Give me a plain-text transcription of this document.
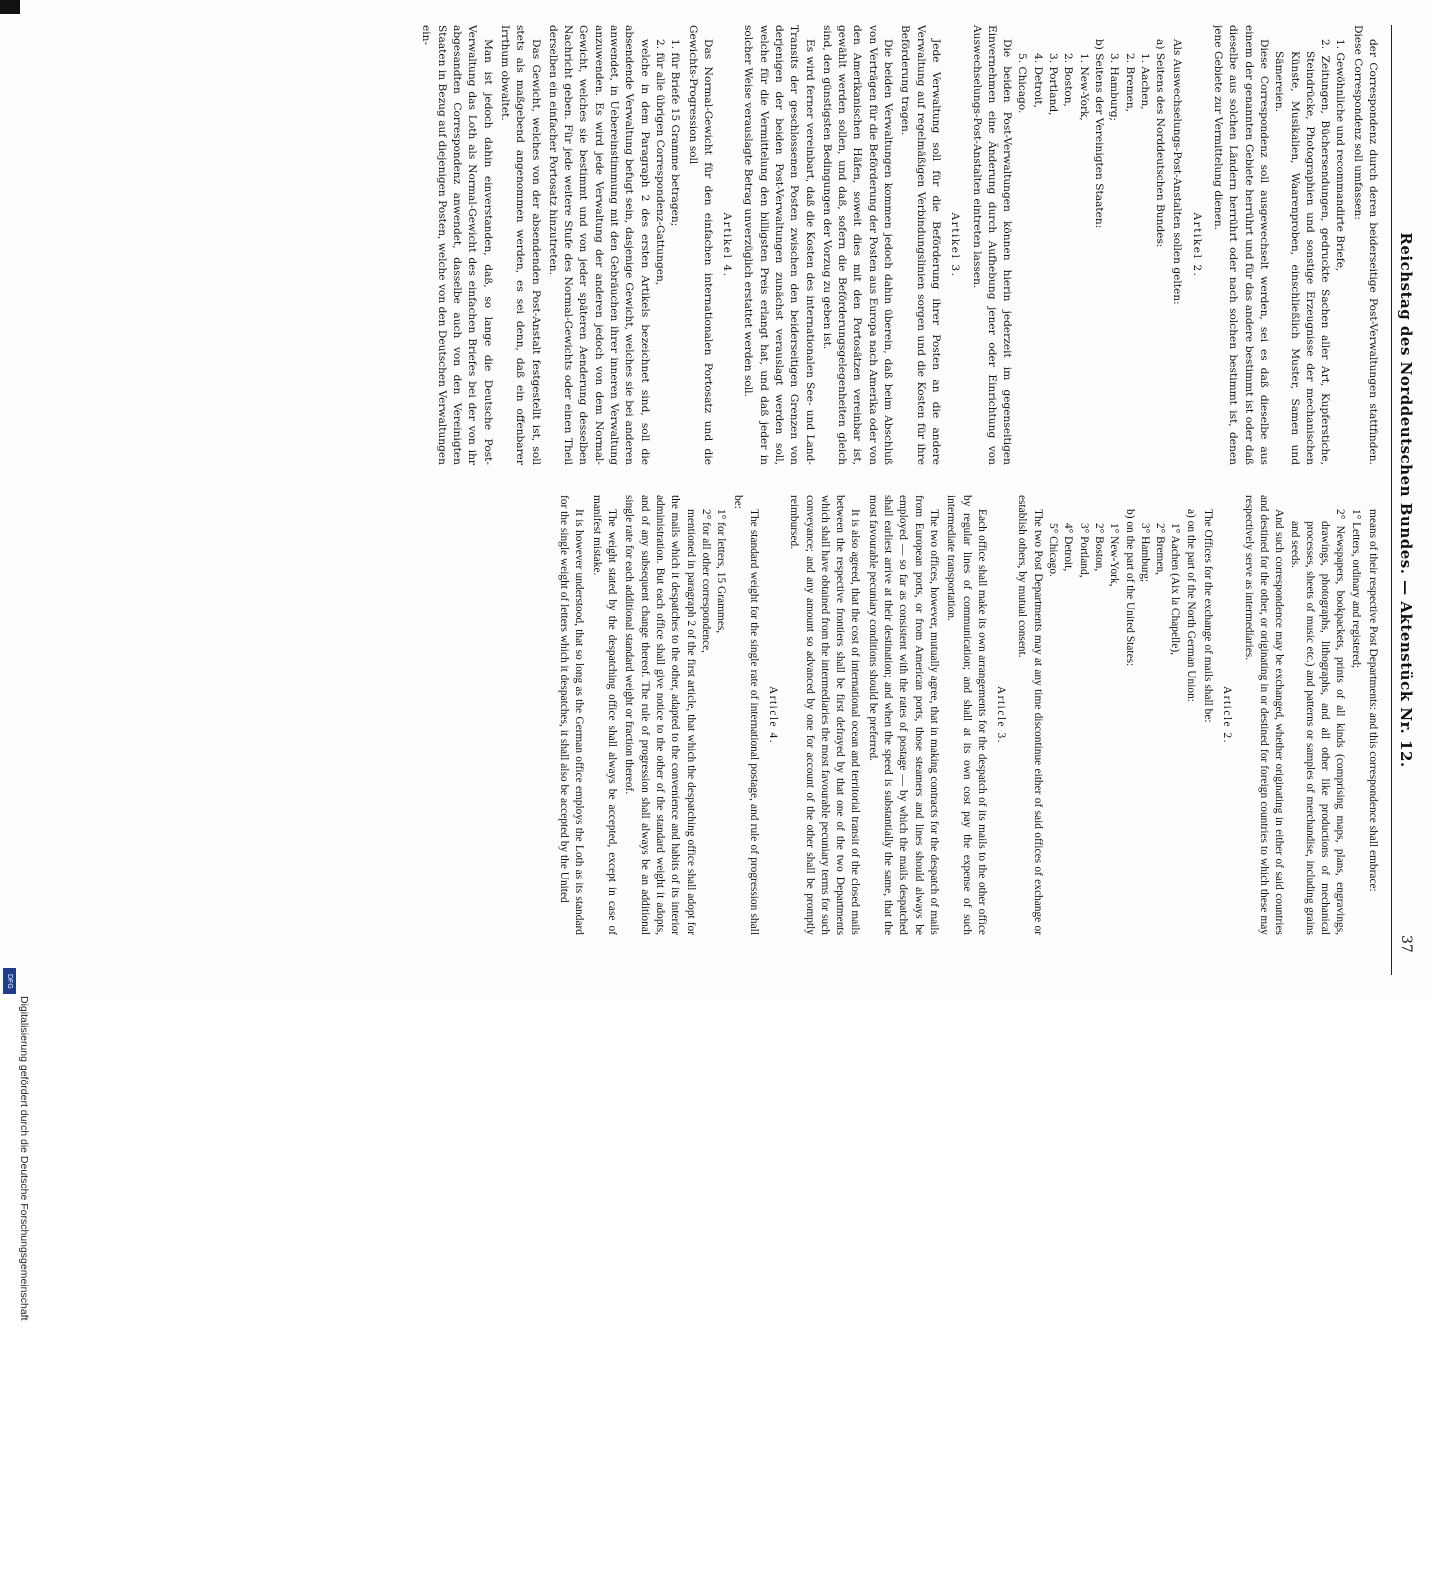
Reichstag des Norddeutschen Bundes. — Aktenstück Nr. 12.
37

der Correspondenz durch deren beiderseitige Post-Verwaltungen stattfinden. Diese Correspondenz soll umfassen:

1. Gewöhnliche und recommandirte Briefe,

2. Zeitungen, Büchersendungen, gedruckte Sachen aller Art, Kupferstiche, Steindrücke, Photographien und sonstige Erzeugnisse der mechanischen Künste, Musikalien, Waarenproben, einschließlich Muster, Samen und Sämereien.

Diese Correspondenz soll ausgewechselt werden, sei es daß dieselbe aus einem der genannten Gebiete herrührt und für das andere bestimmt ist oder daß dieselbe aus solchen Ländern herrührt oder nach solchen bestimmt ist, denen jene Gebiete zur Vermittelung dienen.

Artikel 2.

Als Auswechselungs-Post-Anstalten sollen gelten:

a) Seitens des Norddeutschen Bundes:

1. Aachen,

2. Bremen,

3. Hamburg;

b) Seitens der Vereinigten Staaten:

1. New-York,

2. Boston,

3. Portland,

4. Detroit,

5. Chicago.

Die beiden Post-Verwaltungen können hierin jederzeit im gegenseitigen Einvernehmen eine Änderung durch Aufhebung jener oder Einrichtung von Auswechselungs-Post-Anstalten eintreten lassen.

Artikel 3.

Jede Verwaltung soll für die Beförderung ihrer Posten an die andere Verwaltung auf regelmäßigen Verbindungslinien sorgen und die Kosten für ihre Beförderung tragen.

Die beiden Verwaltungen kommen jedoch dahin überein, daß beim Abschluß von Verträgen für die Beförderung der Posten aus Europa nach Amerika oder von den Amerikanischen Häfen, soweit dies mit den Portosätzen vereinbar ist, gewählt werden sollen, und daß, sofern die Beförderungsgelegenheiten gleich sind, den günstigsten Bedingungen der Vorzug zu geben ist.

Es wird ferner vereinbart, daß die Kosten des internationalen See- und Land-Transits der geschlossenen Posten zwischen den beiderseitigen Grenzen von derjenigen der beiden Post-Verwaltungen zunächst verauslagt werden soll, welche für die Vermittelung den billigsten Preis erlangt hat, und daß jeder in solcher Weise verauslagte Betrag unverzüglich erstattet werden soll.

Artikel 4.

Das Normal-Gewicht für den einfachen internationalen Portosatz und die Gewichts-Progression soll

1. für Briefe 15 Gramme betragen;

2. für alle übrigen Correspondenz-Gattungen,

welche in dem Paragraph 2 des ersten Artikels bezeichnet sind, soll die absendende Verwaltung befugt sein, dasjenige Gewicht, welches sie bei anderen anwendet, in Uebereinstimmung mit den Gebräuchen ihrer inneren Verwaltung anzuwenden. Es wird jede Verwaltung der anderen jedoch von dem Normal-Gewicht, welches sie bestimmt und von jeder späteren Aenderung desselben Nachricht geben. Für jede weitere Stufe des Normal-Gewichts oder einen Theil derselben ein einfacher Portosatz hinzutreten.

Das Gewicht, welches von der absendenden Post-Anstalt festgestellt ist, soll stets als maßgebend angenommen werden, es sei denn, daß ein offenbarer Irrthum obwaltet.

Man ist jedoch dahin einverstanden, daß, so lange die Deutsche Post-Verwaltung das Loth als Normal-Gewicht des einfachen Briefes bei der von ihr abgesandten Correspondenz anwendet, dasselbe auch von den Vereinigten Staaten in Bezug auf diejenigen Posten, welche von den Deutschen Verwaltungen ein-

means of their respective Post Departments: and this correspondence shall embrace:

1° Letters, ordinary and registered;

2° Newspapers, bookpackets, prints of all kinds (comprising maps, plans, engravings, drawings, photographs, lithographs, and all other like productions of mechanical processes, sheets of music etc.) and patterns or samples of merchandise, including grains and seeds.

And such correspondence may be exchanged, whether originating in either of said countries and destined for the other, or originating in or destined for foreign countries to which these may respectively serve as intermediaries.

Article 2.

The Offices for the exchange of mails shall be:

a) on the part of the North German Union:

1° Aachen (Aix la Chapelle),

2° Bremen,

3° Hamburg;

b) on the part of the United States:

1° New-York,

2° Boston,

3° Portland,

4° Detroit,

5° Chicago.

The two Post Departments may at any time discontinue either of said offices of exchange or establish others, by mutual consent.

Article 3.

Each office shall make its own arrangements for the despatch of its mails to the other office by regular lines of communication; and shall at its own cost pay the expense of such intermediate transportation.

The two offices, however, mutually agree, that in making contracts for the despatch of mails from European ports, or from American ports, those steamers and lines should always be employed — so far as consistent with the rates of postage — by which the mails despatched shall earliest arrive at their destination; and when the speed is substantially the same, that the most favourable pecuniary conditions should be preferred.

It is also agreed, that the cost of international ocean and territorial transit of the closed mails between the respective frontiers shall be first defrayed by that one of the two Departments which shall have obtained from the intermediaries the most favourable pecuniary terms for such conveyance; and any amount so advanced by one for account of the other shall be promptly reimbursed.

Article 4.

The standard weight for the single rate of international postage, and rule of progression shall be:

1° for letters, 15 Grammes,

2° for all other correspondence,

mentioned in paragraph 2 of the first article, that which the despatching office shall adopt for the mails which it despatches to the other, adapted to the convenience and habits of its interior administration. But each office shall give notice to the other of the standard weight it adopts, and of any subsequent change thereof. The rule of progression shall always be an additional single rate for each additional standard weight or fraction thereof.

The weight stated by the despatching office shall always be accepted, except in case of manifest mistake.

It is however understood, that so long as the German office employs the Loth as its standard for the single weight of letters which it despatches, it shall also be accepted by the United

Digitalisierung gefördert durch die Deutsche Forschungsgemeinschaft
DFG
